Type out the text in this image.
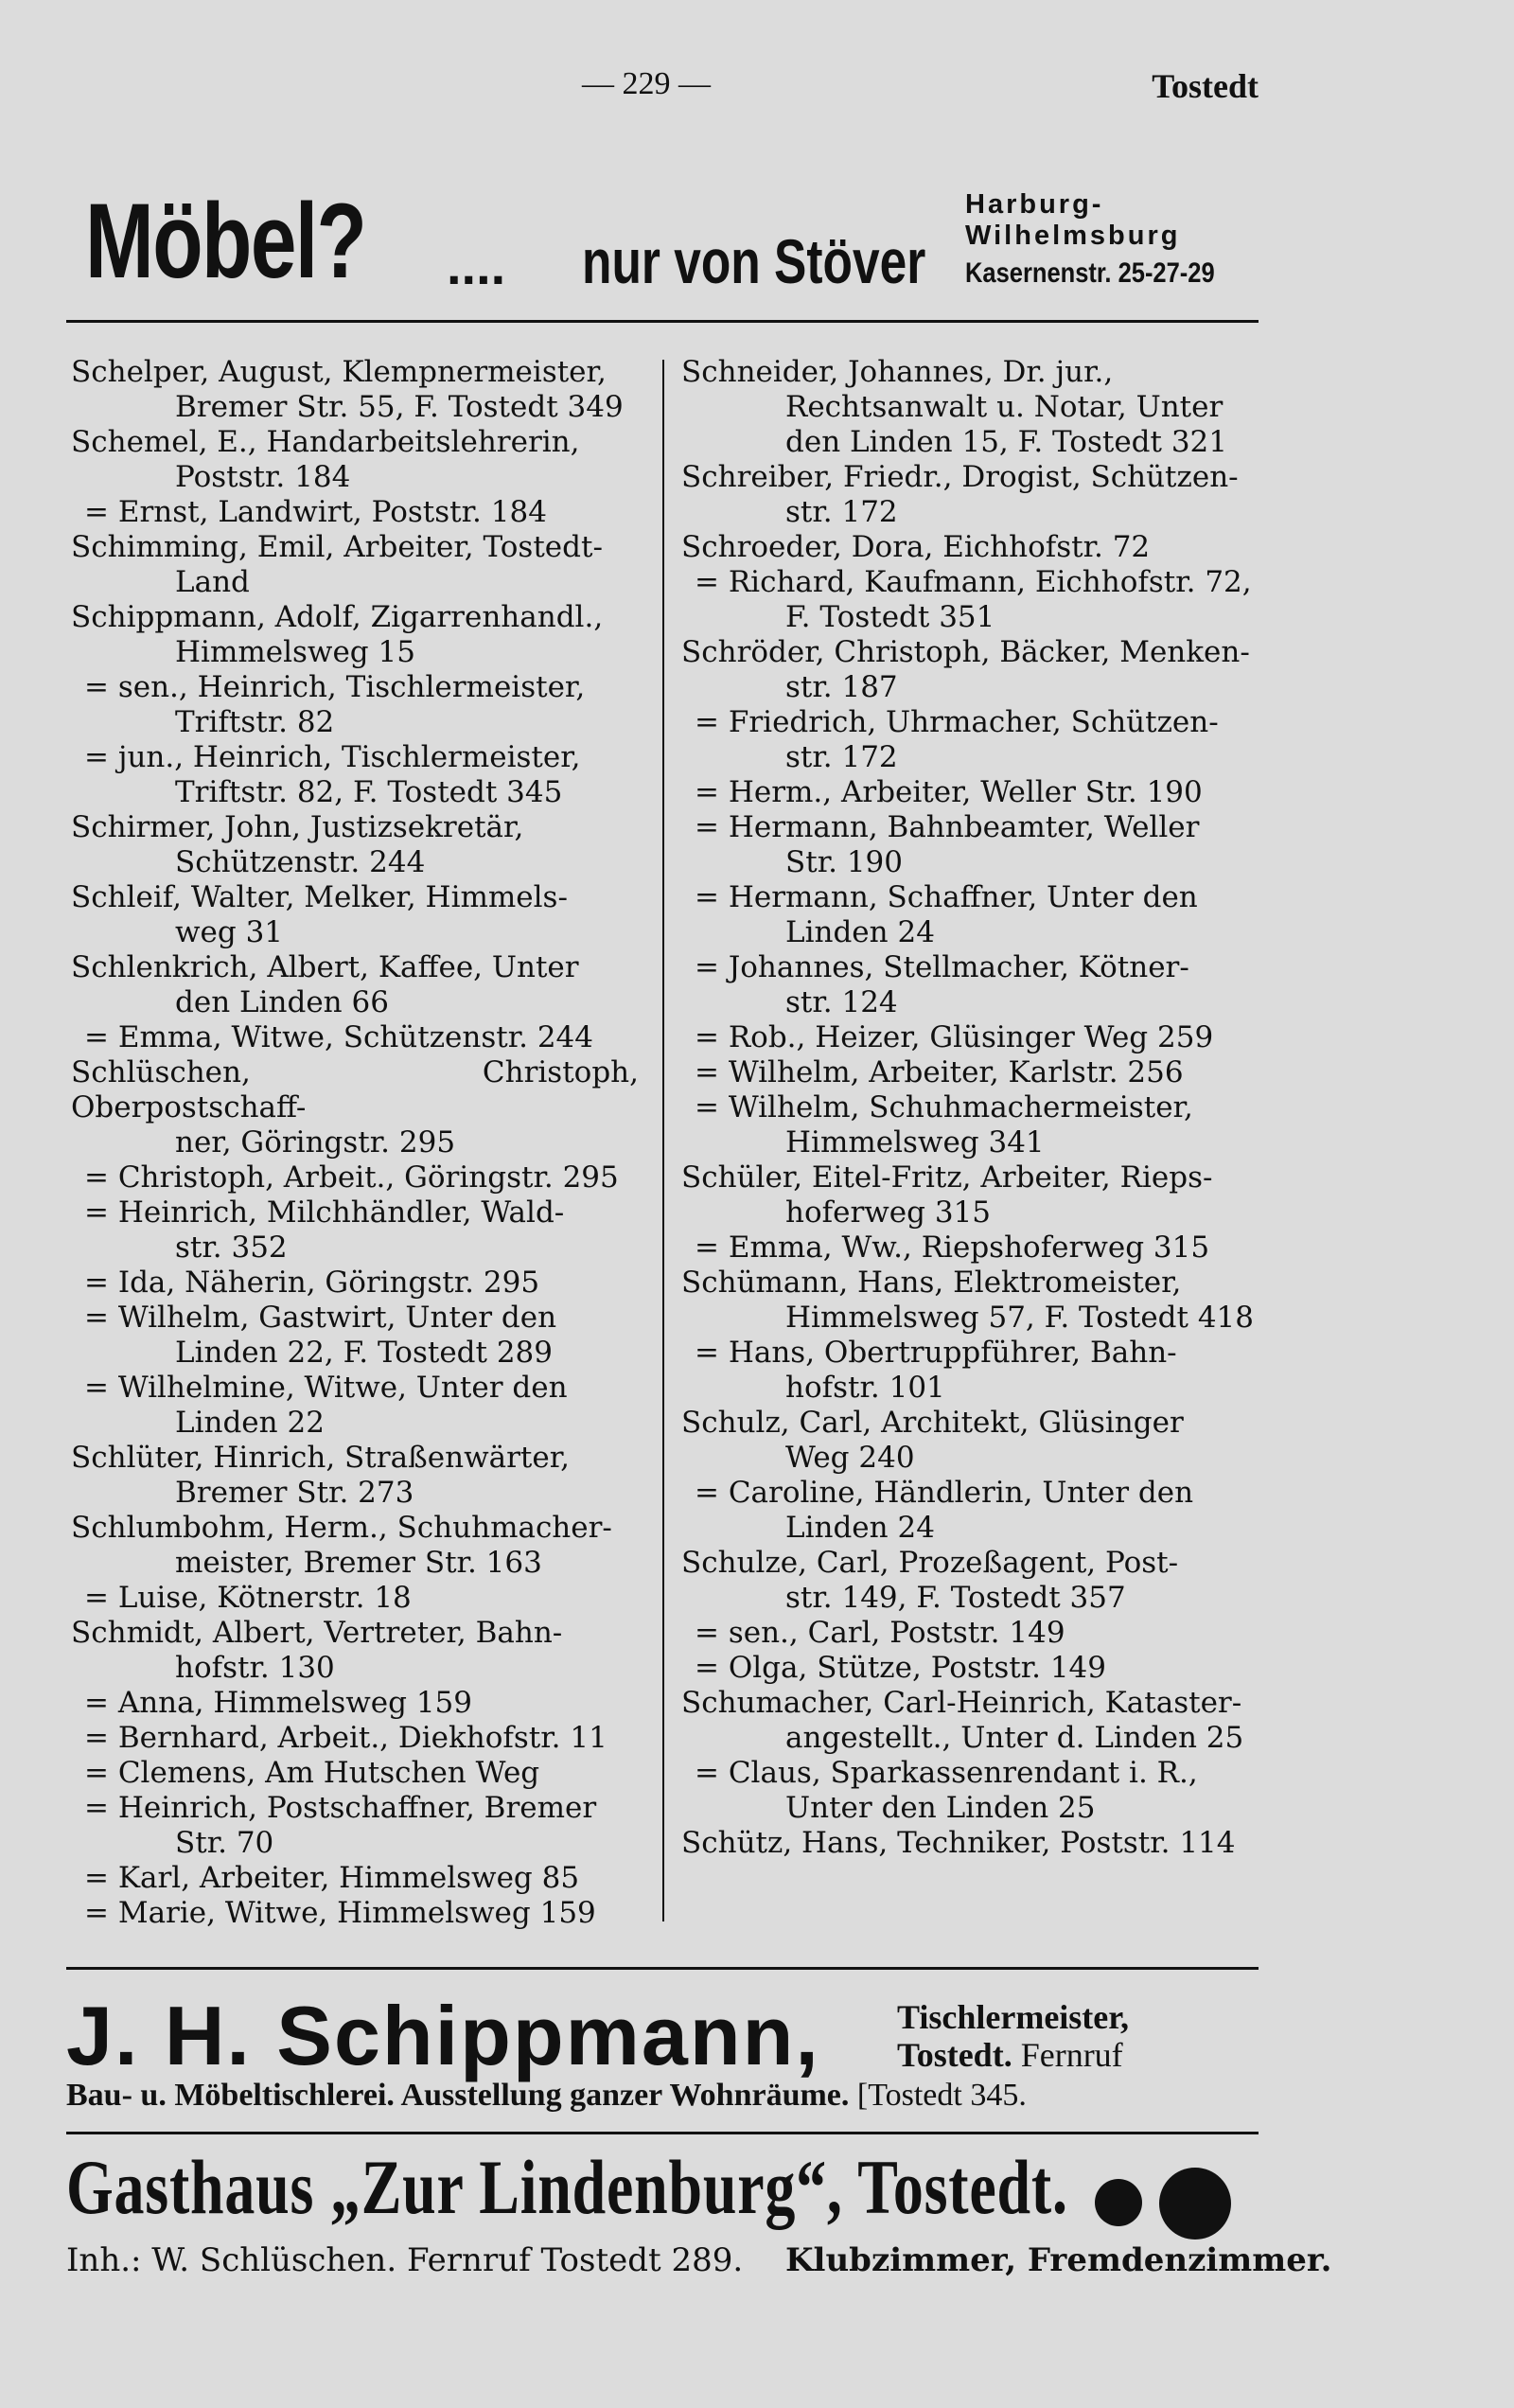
— 229 —	Tostedt
Möbel? .... nur von Stöver
Harburg-
Wilhelmsburg
Kasernenstr. 25-27-29
Schelper, August, Klempnermeister,
Bremer Str. 55, F. Tostedt 349
Schemel, E., Handarbeitslehrerin,
Poststr. 184
= Ernst, Landwirt, Poststr. 184
Schimming, Emil, Arbeiter, Tostedt-
Land
Schippmann, Adolf, Zigarrenhandl.,
Himmelsweg 15
= sen., Heinrich, Tischlermeister,
Triftstr. 82
= jun., Heinrich, Tischlermeister,
Triftstr. 82, F. Tostedt 345
Schirmer, John, Justizsekretär,
Schützenstr. 244
Schleif, Walter, Melker, Himmels-
weg 31
Schlenkrich, Albert, Kaffee, Unter
den Linden 66
= Emma, Witwe, Schützenstr. 244
Schlüschen, Christoph, Oberpostschaff-
ner, Göringstr. 295
= Christoph, Arbeit., Göringstr. 295
= Heinrich, Milchhändler, Wald-
str. 352
= Ida, Näherin, Göringstr. 295
= Wilhelm, Gastwirt, Unter den
Linden 22, F. Tostedt 289
= Wilhelmine, Witwe, Unter den
Linden 22
Schlüter, Hinrich, Straßenwärter,
Bremer Str. 273
Schlumbohm, Herm., Schuhmacher-
meister, Bremer Str. 163
= Luise, Kötnerstr. 18
Schmidt, Albert, Vertreter, Bahn-
hofstr. 130
= Anna, Himmelsweg 159
= Bernhard, Arbeit., Diekhofstr. 11
= Clemens, Am Hutschen Weg
= Heinrich, Postschaffner, Bremer
Str. 70
= Karl, Arbeiter, Himmelsweg 85
= Marie, Witwe, Himmelsweg 159
Schneider, Johannes, Dr. jur.,
Rechtsanwalt u. Notar, Unter
den Linden 15, F. Tostedt 321
Schreiber, Friedr., Drogist, Schützen-
str. 172
Schroeder, Dora, Eichhofstr. 72
= Richard, Kaufmann, Eichhofstr. 72,
F. Tostedt 351
Schröder, Christoph, Bäcker, Menken-
str. 187
= Friedrich, Uhrmacher, Schützen-
str. 172
= Herm., Arbeiter, Weller Str. 190
= Hermann, Bahnbeamter, Weller
Str. 190
= Hermann, Schaffner, Unter den
Linden 24
= Johannes, Stellmacher, Kötner-
str. 124
= Rob., Heizer, Glüsinger Weg 259
= Wilhelm, Arbeiter, Karlstr. 256
= Wilhelm, Schuhmachermeister,
Himmelsweg 341
Schüler, Eitel-Fritz, Arbeiter, Rieps-
hoferweg 315
= Emma, Ww., Riepshoferweg 315
Schümann, Hans, Elektromeister,
Himmelsweg 57, F. Tostedt 418
= Hans, Obertruppführer, Bahn-
hofstr. 101
Schulz, Carl, Architekt, Glüsinger
Weg 240
= Caroline, Händlerin, Unter den
Linden 24
Schulze, Carl, Prozeßagent, Post-
str. 149, F. Tostedt 357
= sen., Carl, Poststr. 149
= Olga, Stütze, Poststr. 149
Schumacher, Carl-Heinrich, Kataster-
angestellt., Unter d. Linden 25
= Claus, Sparkassenrendant i. R.,
Unter den Linden 25
Schütz, Hans, Techniker, Poststr. 114
J. H. Schippmann, Tischlermeister,
Tostedt. Fernruf
Bau- u. Möbeltischlerei. Ausstellung ganzer Wohnräume. [Tostedt 345.
Gasthaus „Zur Lindenburg“, Tostedt.
Inh.: W. Schlüschen. Fernruf Tostedt 289. Klubzimmer, Fremdenzimmer.
